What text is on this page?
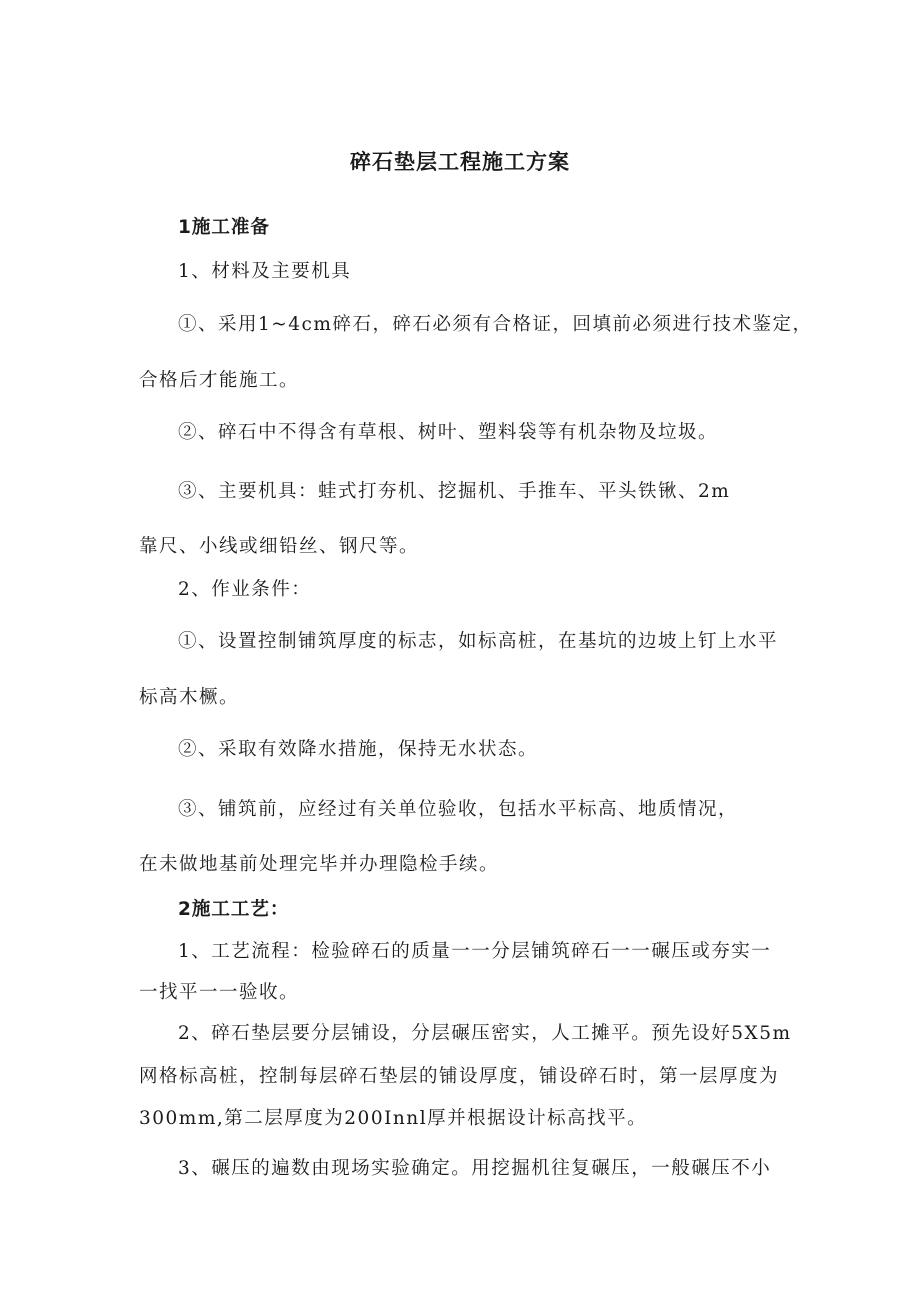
碎石垫层工程施工方案
1施工准备
1、材料及主要机具
①、采用1~4cm碎石，碎石必须有合格证，回填前必须进行技术鉴定，
合格后才能施工。
②、碎石中不得含有草根、树叶、塑料袋等有机杂物及垃圾。
③、主要机具：蛙式打夯机、挖掘机、手推车、平头铁锹、2m
靠尺、小线或细铅丝、钢尺等。
2、作业条件：
①、设置控制铺筑厚度的标志，如标高桩，在基坑的边坡上钉上水平
标高木橛。
②、采取有效降水措施，保持无水状态。
③、铺筑前，应经过有关单位验收，包括水平标高、地质情况，
在未做地基前处理完毕并办理隐检手续。
2施工工艺：
1、工艺流程：检验碎石的质量一一分层铺筑碎石一一碾压或夯实一
一找平一一验收。
2、碎石垫层要分层铺设，分层碾压密实，人工摊平。预先设好5X5m
网格标高桩，控制每层碎石垫层的铺设厚度，铺设碎石时，第一层厚度为
300mm,第二层厚度为200Innl厚并根据设计标高找平。
3、碾压的遍数由现场实验确定。用挖掘机往复碾压，一般碾压不小
